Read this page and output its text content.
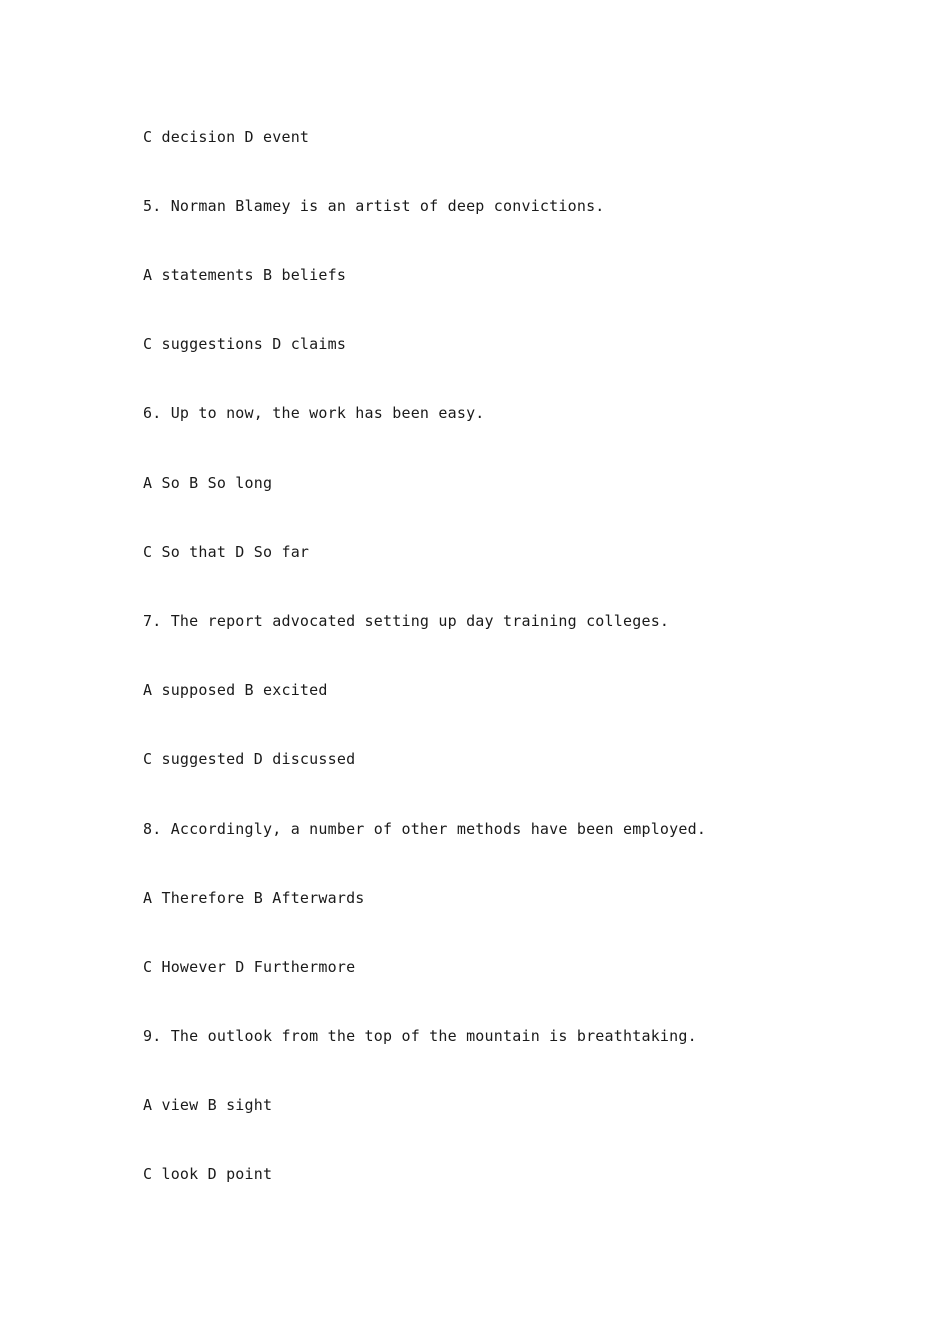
C decision D event
5. Norman Blamey is an artist of deep convictions.
A statements B beliefs
C suggestions D claims
6. Up to now, the work has been easy.
A So B So long
C So that D So far
7. The report advocated setting up day training colleges.
A supposed B excited
C suggested D discussed
8. Accordingly, a number of other methods have been employed.
A Therefore B Afterwards
C However D Furthermore
9. The outlook from the top of the mountain is breathtaking.
A view B sight
C look D point
